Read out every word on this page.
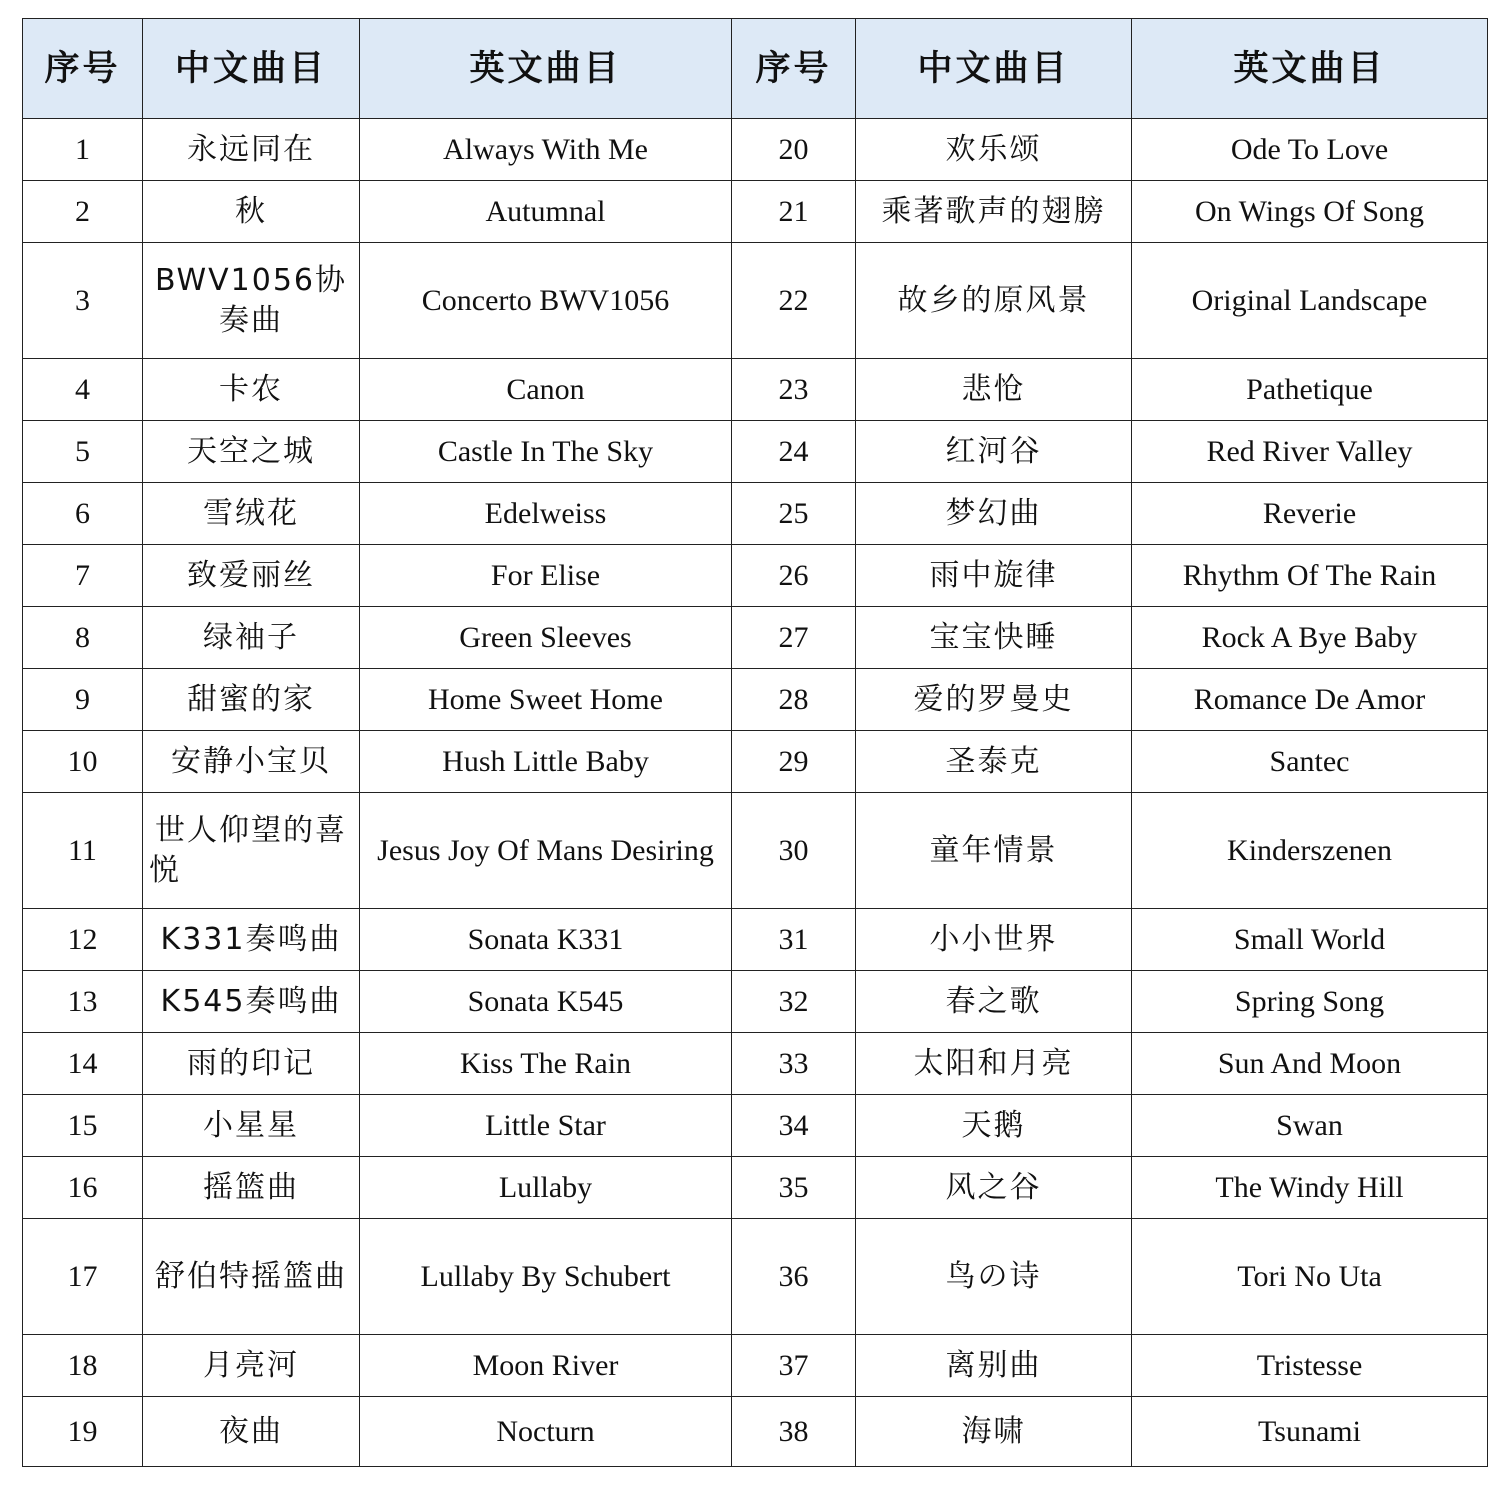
序号	中文曲目	英文曲目	序号	中文曲目	英文曲目
1	永远同在	Always With Me	20	欢乐颂	Ode To Love
2	秋	Autumnal	21	乘著歌声的翅膀	On Wings Of Song
3	BWV1056协奏曲	Concerto BWV1056	22	故乡的原风景	Original Landscape
4	卡农	Canon	23	悲怆	Pathetique
5	天空之城	Castle In The Sky	24	红河谷	Red River Valley
6	雪绒花	Edelweiss	25	梦幻曲	Reverie
7	致爱丽丝	For Elise	26	雨中旋律	Rhythm Of The Rain
8	绿袖子	Green Sleeves	27	宝宝快睡	Rock A Bye Baby
9	甜蜜的家	Home Sweet Home	28	爱的罗曼史	Romance De Amor
10	安静小宝贝	Hush Little Baby	29	圣泰克	Santec
11	世人仰望的喜悦	Jesus Joy Of Mans Desiring	30	童年情景	Kinderszenen
12	K331奏鸣曲	Sonata K331	31	小小世界	Small World
13	K545奏鸣曲	Sonata K545	32	春之歌	Spring Song
14	雨的印记	Kiss The Rain	33	太阳和月亮	Sun And Moon
15	小星星	Little Star	34	天鹅	Swan
16	摇篮曲	Lullaby	35	风之谷	The Windy Hill
17	舒伯特摇篮曲	Lullaby By Schubert	36	鸟の诗	Tori No Uta
18	月亮河	Moon River	37	离别曲	Tristesse
19	夜曲	Nocturn	38	海啸	Tsunami
